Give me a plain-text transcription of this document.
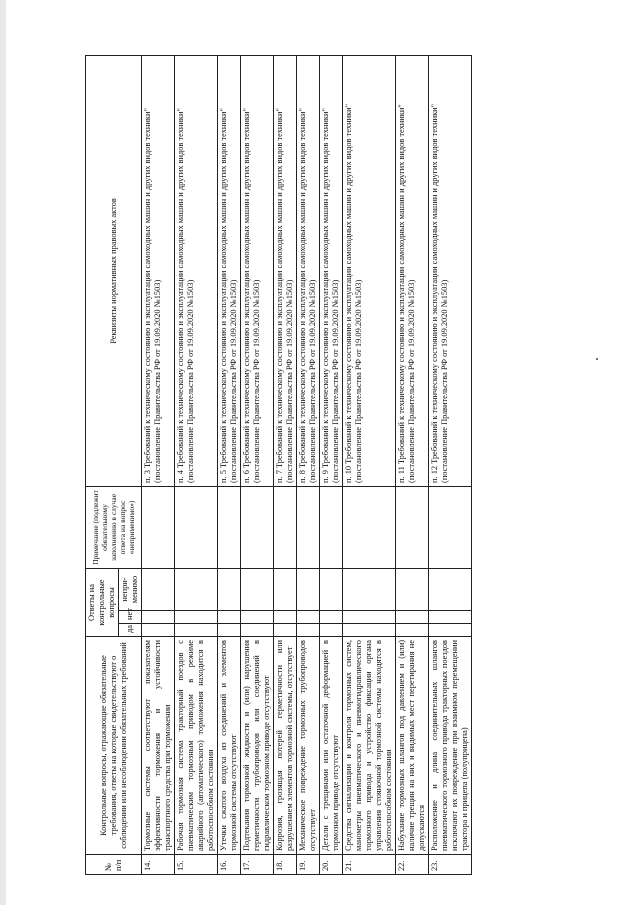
№ п/п	Контрольные вопросы, отражающие обязательные требования, ответы на которые свидетельствуют о соблюдении или несоблюдении обязательных требований	Ответы на контрольные вопросы			Примечание (подлежит обязательному заполнению в случае ответа на вопрос «неприменимо»)	Реквизиты нормативных правовых актов
		да	нет	непри-менимо		
14.	Тормозные системы соответствуют показателям эффективности торможения и устойчивости транспортного средства при торможении					п. 3 Требований к техническому состоянию и эксплуатации самоходных машин и других видов техники" (постановление Правительства РФ от 19.09.2020 №1503)
15.	Рабочая тормозная система тракторный поездов с пневматическим тормозным приводом в режиме аварийного (автоматического) торможения находится в работоспособном состоянии					п. 4 Требований к техническому состоянию и эксплуатации самоходных машин и других видов техники" (постановление Правительства РФ от 19.09.2020 №1503)
16.	Утечки сжатого воздуха из соединений и элементов тормозной системы отсутствуют					п. 5 Требований к техническому состоянию и эксплуатации самоходных машин и других видов техники" (постановление Правительства РФ от 19.09.2020 №1503)
17.	Подтекания тормозной жидкости и (или) нарушения герметичности трубопроводов или соединений в гидравлическом тормозном приводе отсутствуют					п. 6 Требований к техническому состоянию и эксплуатации самоходных машин и других видов техники" (постановление Правительства РФ от 19.09.2020 №1503)
18.	Коррозия, грозящая потерей герметичности или разрушением элементов тормозной системы, отсутствует					п. 7 Требований к техническому состоянию и эксплуатации самоходных машин и других видов техники" (постановление Правительства РФ от 19.09.2020 №1503)
19.	Механическое повреждение тормозных трубопроводов отсутствует					п. 8 Требований к техническому состоянию и эксплуатации самоходных машин и других видов техники" (постановление Правительства РФ от 19.09.2020 №1503)
20.	Детали с трещинами или остаточной деформацией в тормозном приводе отсутствуют					п. 9 Требований к техническому состоянию и эксплуатации самоходных машин и других видов техники" (постановление Правительства РФ от 19.09.2020 №1503)
21.	Средства сигнализации и контроля тормозных систем, манометры пневматического и пневмогидравлического тормозного привода и устройство фиксации органа управления стояночной тормозной системы находятся в работоспособном состоянии					п. 10 Требований к техническому состоянию и эксплуатации самоходных машин и других видов техники" (постановление Правительства РФ от 19.09.2020 №1503)
22.	Набухание тормозных шлангов под давлением и (или) наличие трещин на них и видимых мест перетирания не допускаются					п. 11 Требований к техническому состоянию и эксплуатации самоходных машин и других видов техники" (постановление Правительства РФ от 19.09.2020 №1503)
23.	Расположение и длина соединительных шлангов пневматического тормозного привода тракторных поездов исключают их повреждение при взаимном перемещении трактора и прицепа (полуприцепа)					п. 12 Требований к техническому состоянию и эксплуатации самоходных машин и других видов техники" (постановление Правительства РФ от 19.09.2020 №1503)
